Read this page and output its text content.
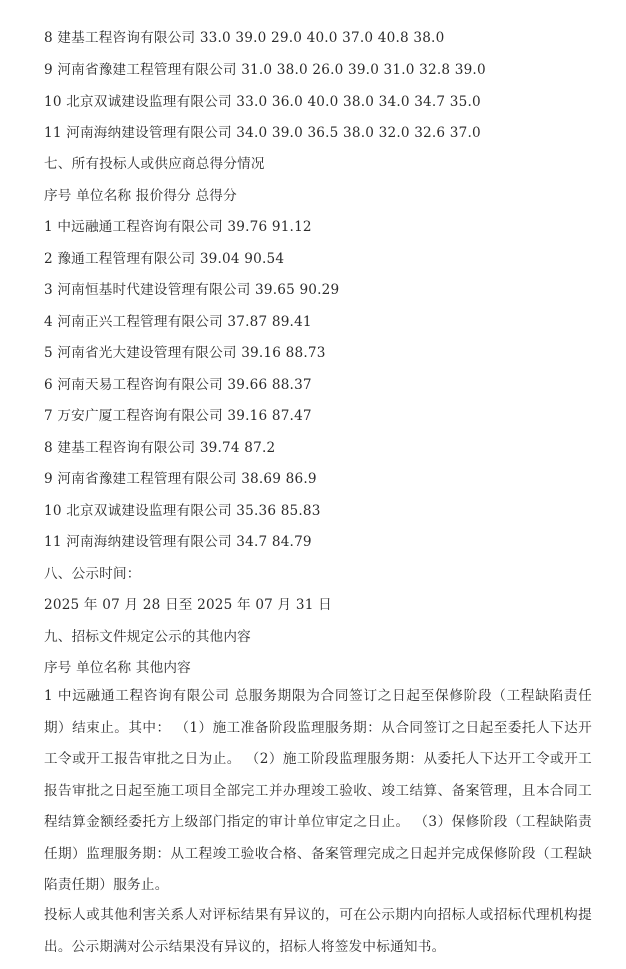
8 建基工程咨询有限公司 33.0 39.0 29.0 40.0 37.0 40.8 38.0
9 河南省豫建工程管理有限公司 31.0 38.0 26.0 39.0 31.0 32.8 39.0
10 北京双诚建设监理有限公司 33.0 36.0 40.0 38.0 34.0 34.7 35.0
11 河南海纳建设管理有限公司 34.0 39.0 36.5 38.0 32.0 32.6 37.0
七、所有投标人或供应商总得分情况
序号 单位名称 报价得分 总得分
1 中远融通工程咨询有限公司 39.76 91.12
2 豫通工程管理有限公司 39.04 90.54
3 河南恒基时代建设管理有限公司 39.65 90.29
4 河南正兴工程管理有限公司 37.87 89.41
5 河南省光大建设管理有限公司 39.16 88.73
6 河南天易工程咨询有限公司 39.66 88.37
7 万安广厦工程咨询有限公司 39.16 87.47
8 建基工程咨询有限公司 39.74 87.2
9 河南省豫建工程管理有限公司 38.69 86.9
10 北京双诚建设监理有限公司 35.36 85.83
11 河南海纳建设管理有限公司 34.7 84.79
八、公示时间：
2025 年 07 月 28 日至 2025 年 07 月 31 日
九、招标文件规定公示的其他内容
序号 单位名称 其他内容
1 中远融通工程咨询有限公司 总服务期限为合同签订之日起至保修阶段（工程缺陷责任期）结束止。其中： （1）施工准备阶段监理服务期：从合同签订之日起至委托人下达开工令或开工报告审批之日为止。 （2）施工阶段监理服务期：从委托人下达开工令或开工报告审批之日起至施工项目全部完工并办理竣工验收、竣工结算、备案管理，且本合同工程结算金额经委托方上级部门指定的审计单位审定之日止。 （3）保修阶段（工程缺陷责任期）监理服务期：从工程竣工验收合格、备案管理完成之日起并完成保修阶段（工程缺陷责任期）服务止。
投标人或其他利害关系人对评标结果有异议的，可在公示期内向招标人或招标代理机构提出。公示期满对公示结果没有异议的，招标人将签发中标通知书。
